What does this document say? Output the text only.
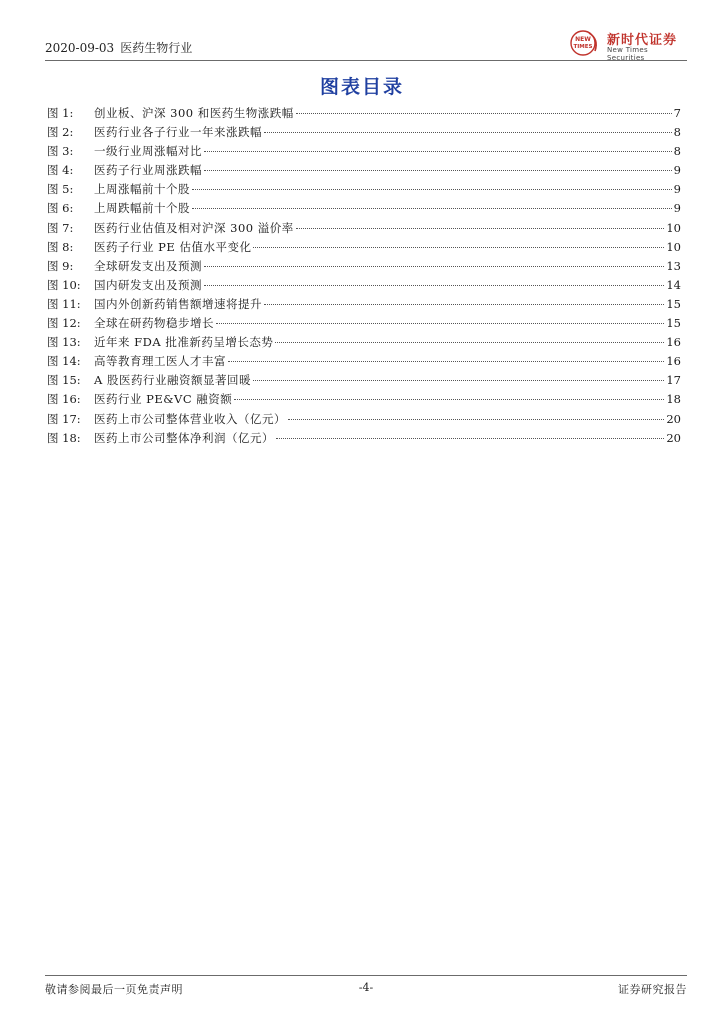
2020-09-03 医药生物行业
NEW
TIMES 新时代证券
New Times Securities
图表目录
图 1:	创业板、沪深 300 和医药生物涨跌幅	7
图 2:	医药行业各子行业一年来涨跌幅	8
图 3:	一级行业周涨幅对比	8
图 4:	医药子行业周涨跌幅	9
图 5:	上周涨幅前十个股	9
图 6:	上周跌幅前十个股	9
图 7:	医药行业估值及相对沪深 300 溢价率	10
图 8:	医药子行业 PE 估值水平变化	10
图 9:	全球研发支出及预测	13
图 10:	国内研发支出及预测	14
图 11:	国内外创新药销售额增速将提升	15
图 12:	全球在研药物稳步增长	15
图 13:	近年来 FDA 批准新药呈增长态势	16
图 14:	高等教育理工医人才丰富	16
图 15:	A 股医药行业融资额显著回暖	17
图 16:	医药行业 PE&VC 融资额	18
图 17:	医药上市公司整体营业收入（亿元）	20
图 18:	医药上市公司整体净利润（亿元）	20
敬请参阅最后一页免责声明	-4-	证券研究报告
